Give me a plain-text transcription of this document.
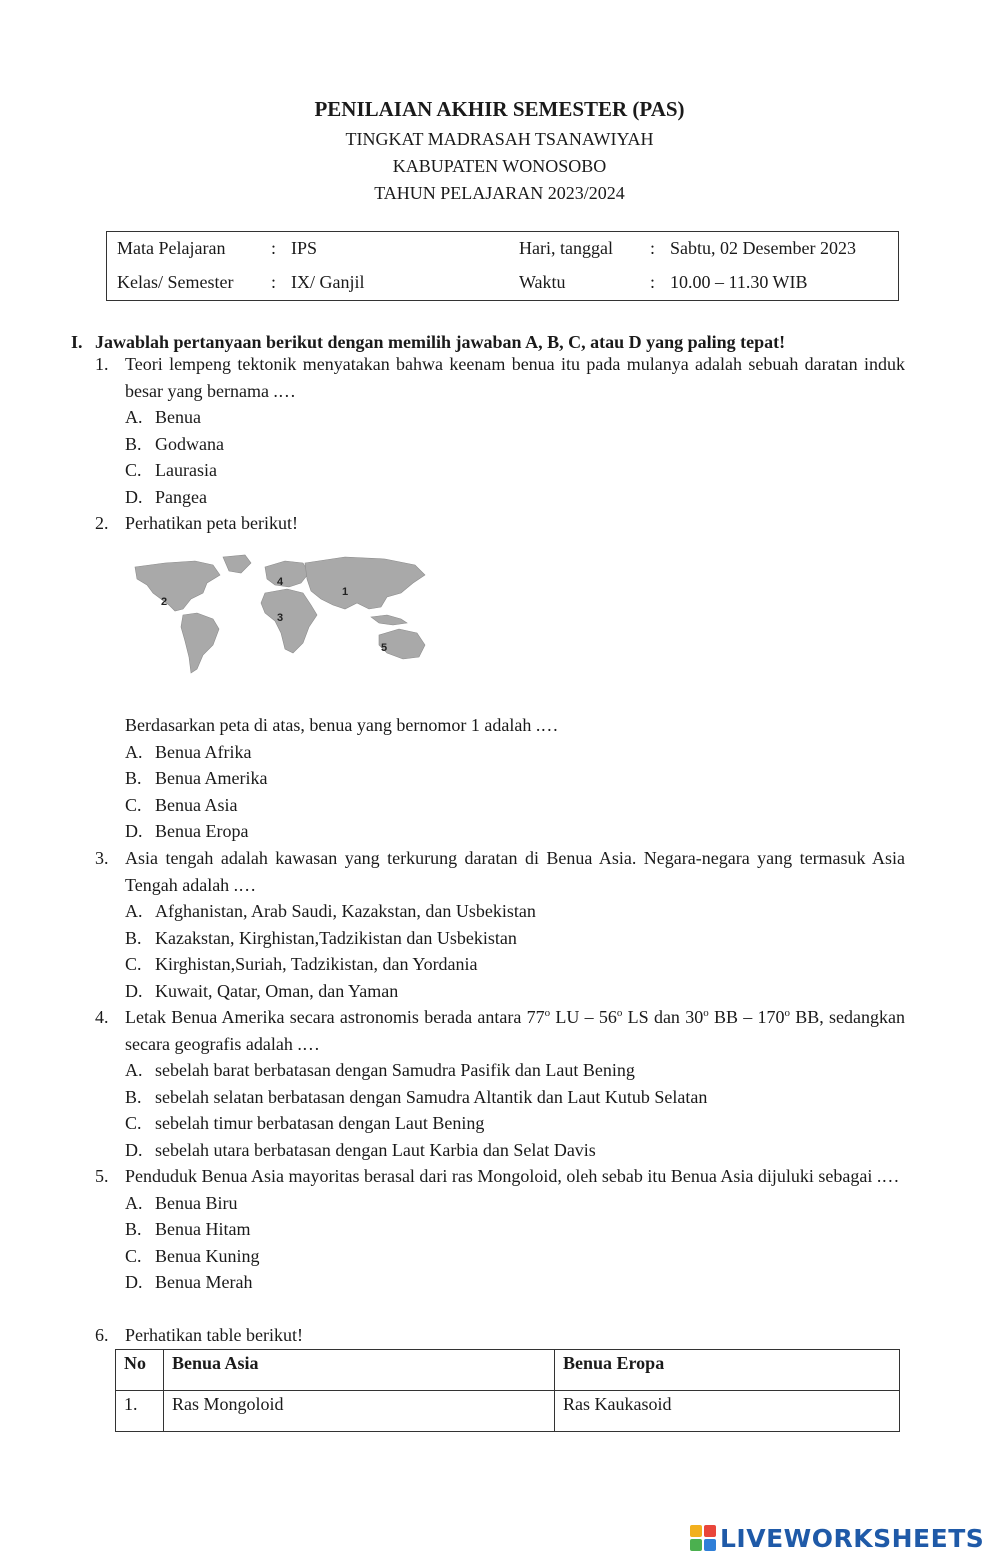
PENILAIAN AKHIR SEMESTER (PAS)
TINGKAT MADRASAH TSANAWIYAH
KABUPATEN WONOSOBO
TAHUN PELAJARAN 2023/2024
Mata Pelajaran	: IPS	Hari, tanggal : Sabtu, 02 Desember 2023
Kelas/ Semester : IX/ Ganjil	Waktu	: 10.00 – 11.30 WIB
I. Jawablah pertanyaan berikut dengan memilih jawaban A, B, C, atau D yang paling tepat!
1. Teori lempeng tektonik menyatakan bahwa keenam benua itu pada mulanya adalah sebuah daratan induk besar yang bernama .…
A. Benua
B. Godwana
C. Laurasia
D. Pangea
2. Perhatikan peta berikut!
1
2
3
4
5
Berdasarkan peta di atas, benua yang bernomor 1 adalah .…
A. Benua Afrika
B. Benua Amerika
C. Benua Asia
D. Benua Eropa
3. Asia tengah adalah kawasan yang terkurung daratan di Benua Asia. Negara-negara yang termasuk Asia Tengah adalah .…
A. Afghanistan, Arab Saudi, Kazakstan, dan Usbekistan
B. Kazakstan, Kirghistan,Tadzikistan dan Usbekistan
C. Kirghistan,Suriah, Tadzikistan, dan Yordania
D. Kuwait, Qatar, Oman, dan Yaman
4. Letak Benua Amerika secara astronomis berada antara 77$^o$ LU – 56$^o$ LS dan 30$^o$ BB – 170$^o$ BB, sedangkan secara geografis adalah .…
A. sebelah barat berbatasan dengan Samudra Pasifik dan Laut Bening
B. sebelah selatan berbatasan dengan Samudra Altantik dan Laut Kutub Selatan
C. sebelah timur berbatasan dengan Laut Bening
D. sebelah utara berbatasan dengan Laut Karbia dan Selat Davis
5. Penduduk Benua Asia mayoritas berasal dari ras Mongoloid, oleh sebab itu Benua Asia dijuluki sebagai .…
A. Benua Biru
B. Benua Hitam
C. Benua Kuning
D. Benua Merah
6. Perhatikan table berikut!
No	Benua Asia	Benua Eropa
1.	Ras Mongoloid	Ras Kaukasoid
LIVEWORKSHEETS
